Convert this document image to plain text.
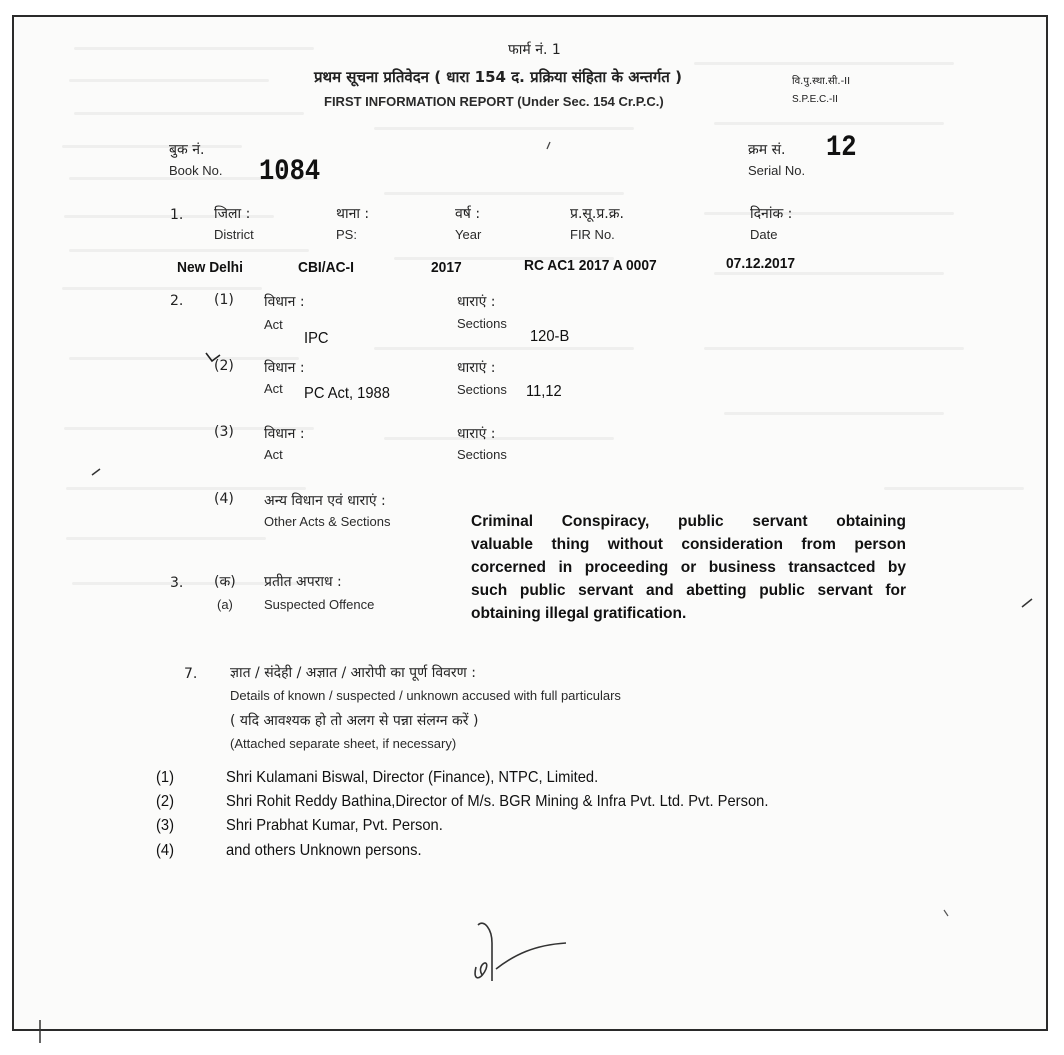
फार्म नं. 1
प्रथम सूचना प्रतिवेदन ( धारा 154 द. प्रक्रिया संहिता के अन्तर्गत )
FIRST INFORMATION REPORT (Under Sec. 154 Cr.P.C.)
वि.पु.स्था.सी.-II
S.P.E.C.-II
बुक नं.
Book No. 1084
क्रम सं.
Serial No.
12
1. जिला :
District
New Delhi
थाना :
PS:
CBI/AC-I
वर्ष :
Year
2017
प्र.सू.प्र.क्र.
FIR No.
RC AC1 2017 A 0007
दिनांक :
Date
07.12.2017
2. (1) विधान :
Act
IPC
धाराएं :
Sections
120-B
(2) विधान :
Act PC Act, 1988
धाराएं :
Sections 11,12
(3) विधान :
Act
धाराएं :
Sections
(4) अन्य विधान एवं धाराएं :
Other Acts & Sections
3. (क)
(a)
प्रतीत अपराध :
Suspected Offence
Criminal Conspiracy, public servant obtaining
valuable thing without consideration from person
corcerned in proceeding or business transactced by
such public servant and abetting public servant for
obtaining illegal gratification.
7. ज्ञात / संदेही / अज्ञात / आरोपी का पूर्ण विवरण :
Details of known / suspected / unknown accused with full particulars
( यदि आवश्यक हो तो अलग से पन्ना संलग्न करें )
(Attached separate sheet, if necessary)
(1)	Shri Kulamani Biswal, Director (Finance), NTPC, Limited.
(2)	Shri Rohit Reddy Bathina,Director of M/s. BGR Mining & Infra Pvt. Ltd. Pvt. Person.
(3)	Shri Prabhat Kumar, Pvt. Person.
(4)	and others Unknown persons.
